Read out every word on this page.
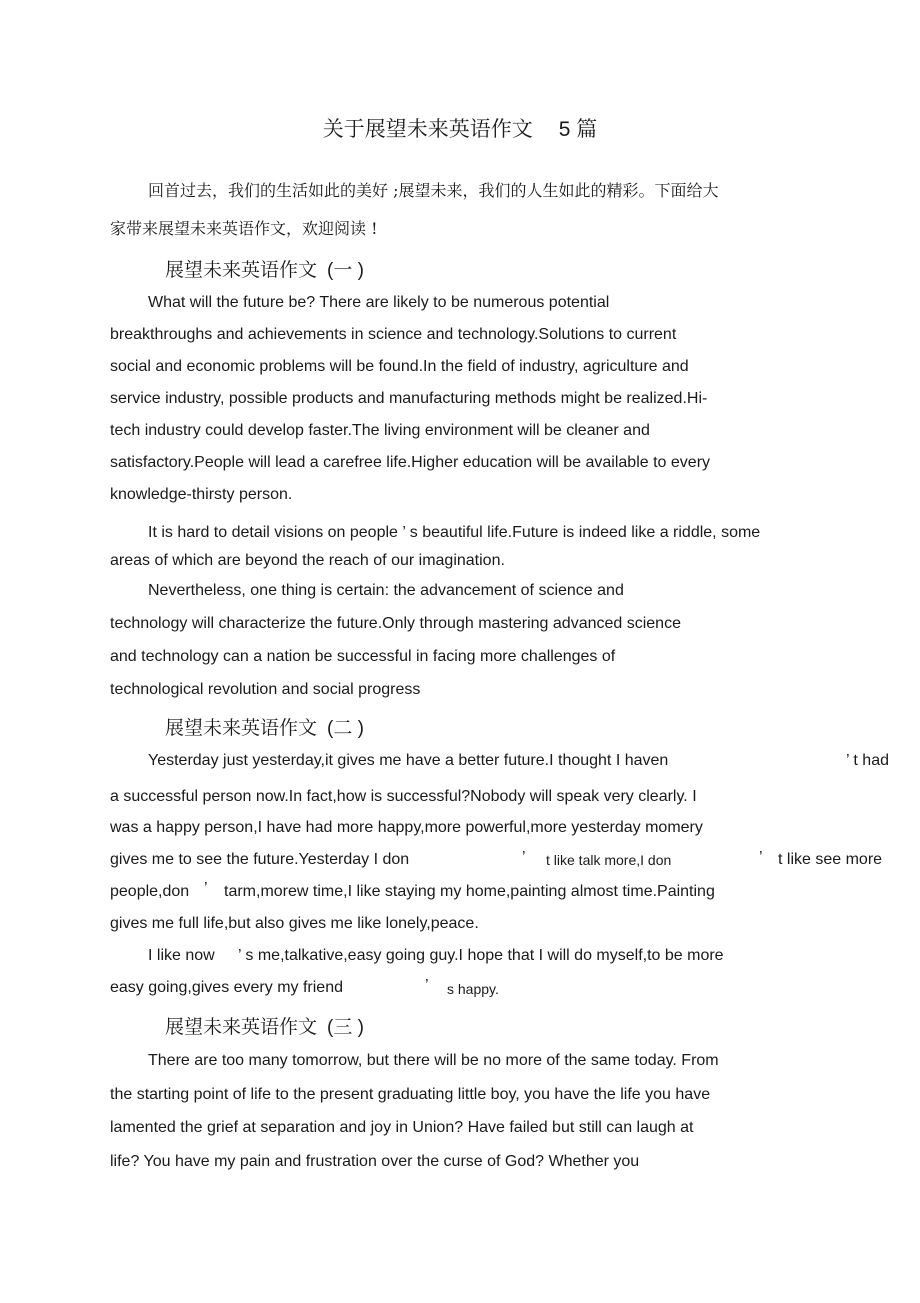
关于展望未来英语作文 5 篇
回首过去，我们的生活如此的美好 ;展望未来，我们的人生如此的精彩。下面给大
家带来展望未来英语作文，欢迎阅读 !
展望未来英语作文 (一 )
What will the future be? There are likely to be numerous potential
breakthroughs and achievements in science and technology.Solutions to current
social and economic problems will be found.In the field of industry, agriculture and
service industry, possible products and manufacturing methods might be realized.Hi-
tech industry could develop faster.The living environment will be cleaner and
satisfactory.People will lead a carefree life.Higher education will be available to every
knowledge-thirsty person.
It is hard to detail visions on people ’ s beautiful life.Future is indeed like a riddle, some
areas of which are beyond the reach of our imagination.
Nevertheless, one thing is certain: the advancement of science and
technology will characterize the future.Only through mastering advanced science
and technology can a nation be successful in facing more challenges of
technological revolution and social progress
展望未来英语作文 (二 )
Yesterday just yesterday,it gives me have a better future.I thought I haven	’ t had
a successful person now.In fact,how is successful?Nobody will speak very clearly. I
was a happy person,I have had more happy,more powerful,more yesterday momery
gives me to see the future.Yesterday I don	’ t like talk more,I don	’ t like see more
people,don ’ tarm,morew time,I like staying my home,painting almost time.Painting
gives me full life,but also gives me like lonely,peace.
I like now ’ s me,talkative,easy going guy.I hope that I will do myself,to be more
easy going,gives every my friend	’ s happy.
展望未来英语作文 (三 )
There are too many tomorrow, but there will be no more of the same today. From
the starting point of life to the present graduating little boy, you have the life you have
lamented the grief at separation and joy in Union? Have failed but still can laugh at
life? You have my pain and frustration over the curse of God? Whether you
